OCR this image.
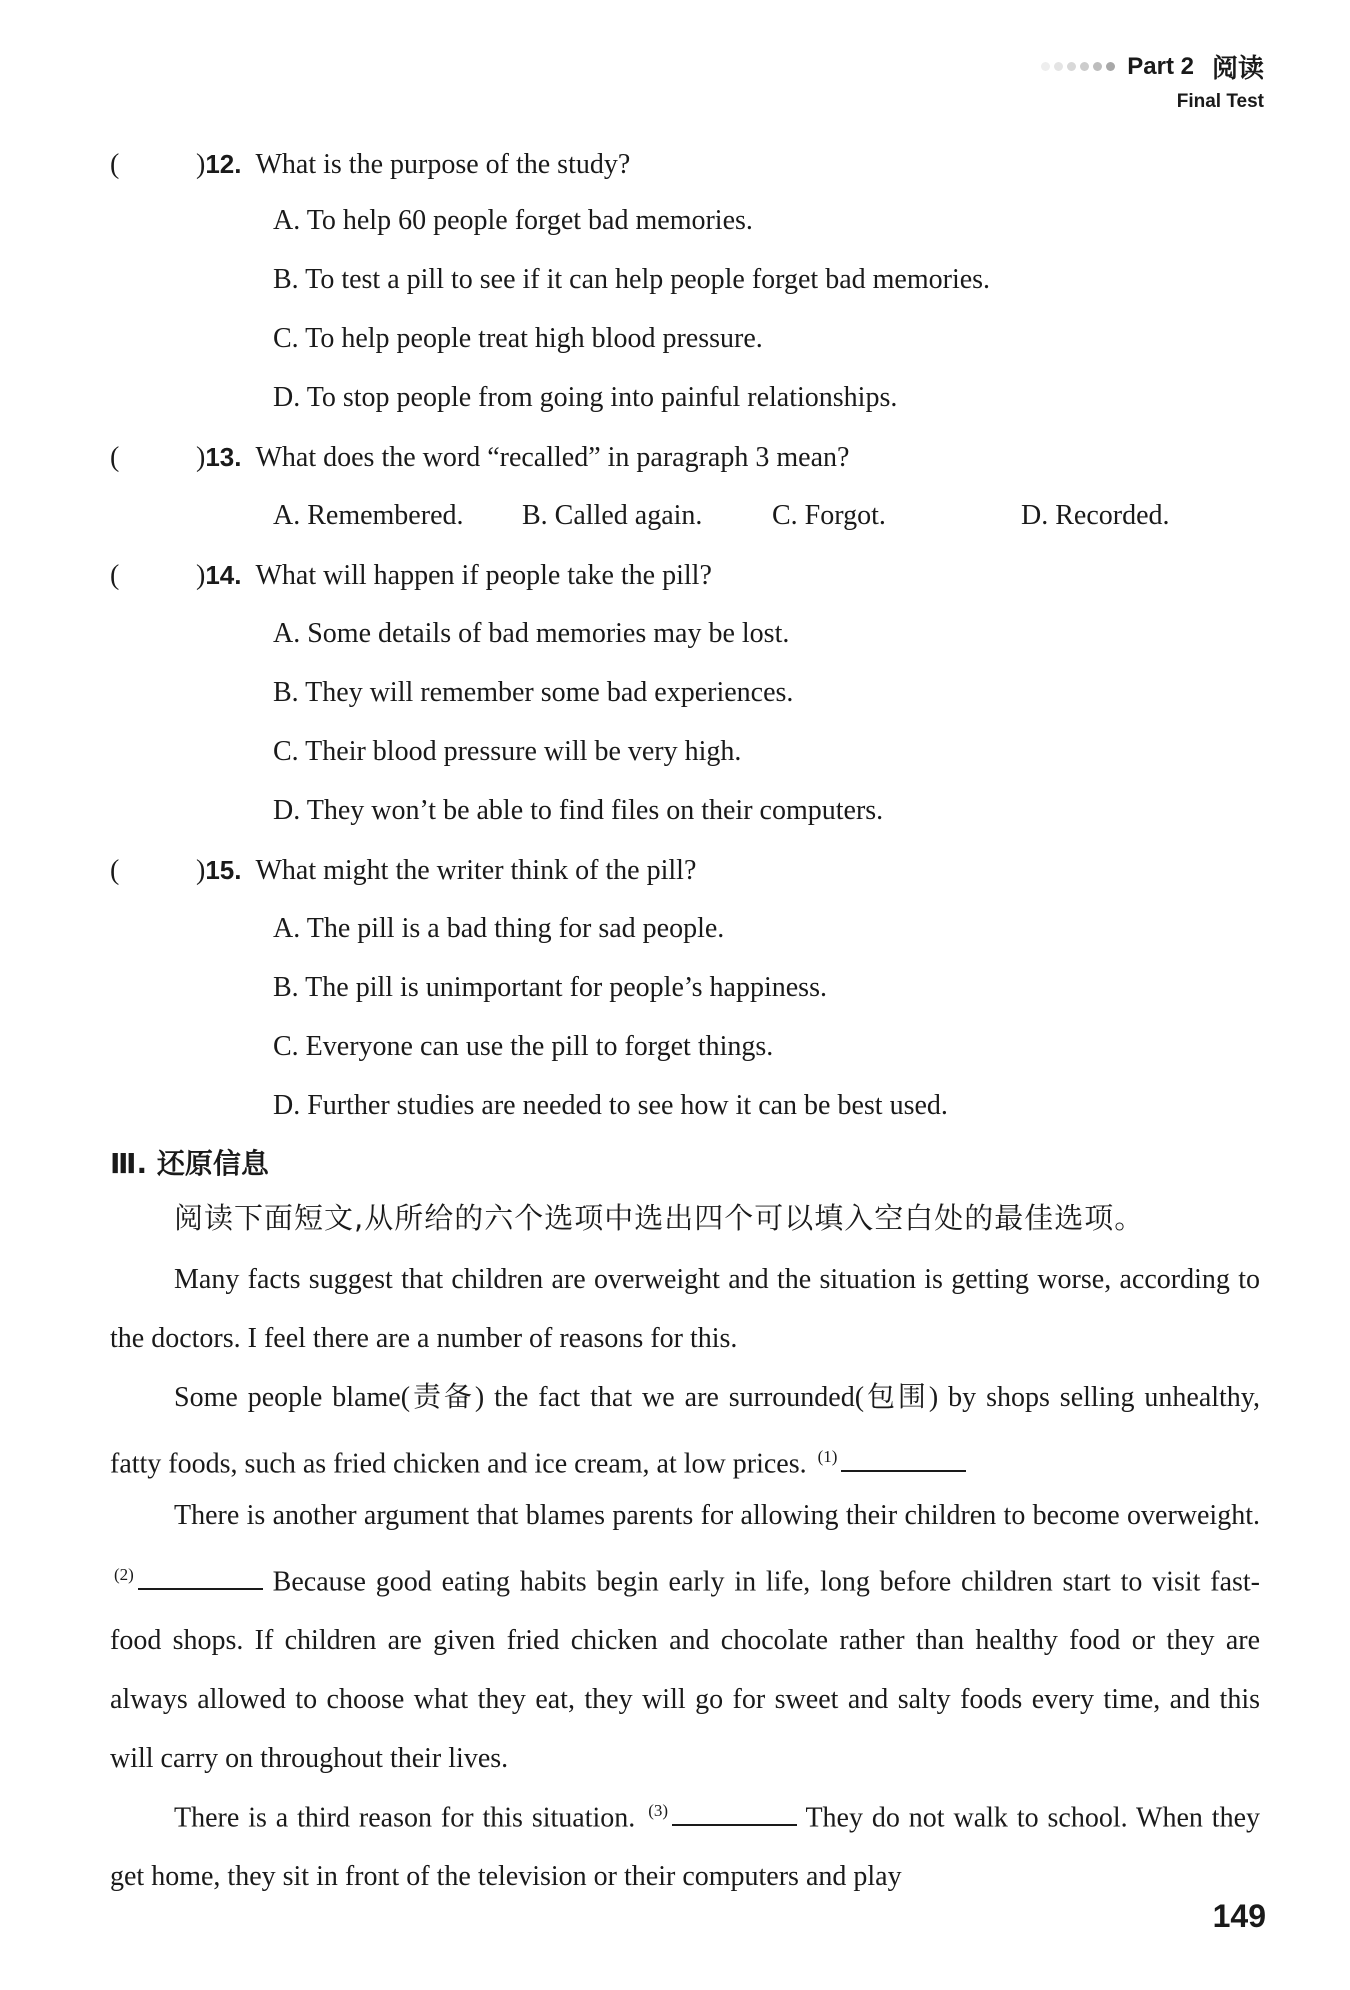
Part 2 阅读
Final Test
(	)12. What is the purpose of the study?
A. To help 60 people forget bad memories.
B. To test a pill to see if it can help people forget bad memories.
C. To help people treat high blood pressure.
D. To stop people from going into painful relationships.
(	)13. What does the word “recalled” in paragraph 3 mean?
A. Remembered. B. Called again. C. Forgot.	D. Recorded.
(	)14. What will happen if people take the pill?
A. Some details of bad memories may be lost.
B. They will remember some bad experiences.
C. Their blood pressure will be very high.
D. They won’t be able to find files on their computers.
(	)15. What might the writer think of the pill?
A. The pill is a bad thing for sad people.
B. The pill is unimportant for people’s happiness.
C. Everyone can use the pill to forget things.
D. Further studies are needed to see how it can be best used.
Ⅲ. 还原信息
阅读下面短文,从所给的六个选项中选出四个可以填入空白处的最佳选项。
Many facts suggest that children are overweight and the situation is getting worse, according to the doctors. I feel there are a number of reasons for this.
Some people blame(责备) the fact that we are surrounded(包围) by shops selling unhealthy, fatty foods, such as fried chicken and ice cream, at low prices. $^{(1)}$
There is another argument that blames parents for allowing their children to become overweight. $^{(2)}$	Because good eating habits begin early in life, long before children start to visit fast-food shops. If children are given fried chicken and chocolate rather than healthy food or they are always allowed to choose what they eat, they will go for sweet and salty foods every time, and this will carry on throughout their lives.
There is a third reason for this situation. $^{(3)}$	They do not walk to school. When they get home, they sit in front of the television or their computers and play
149
